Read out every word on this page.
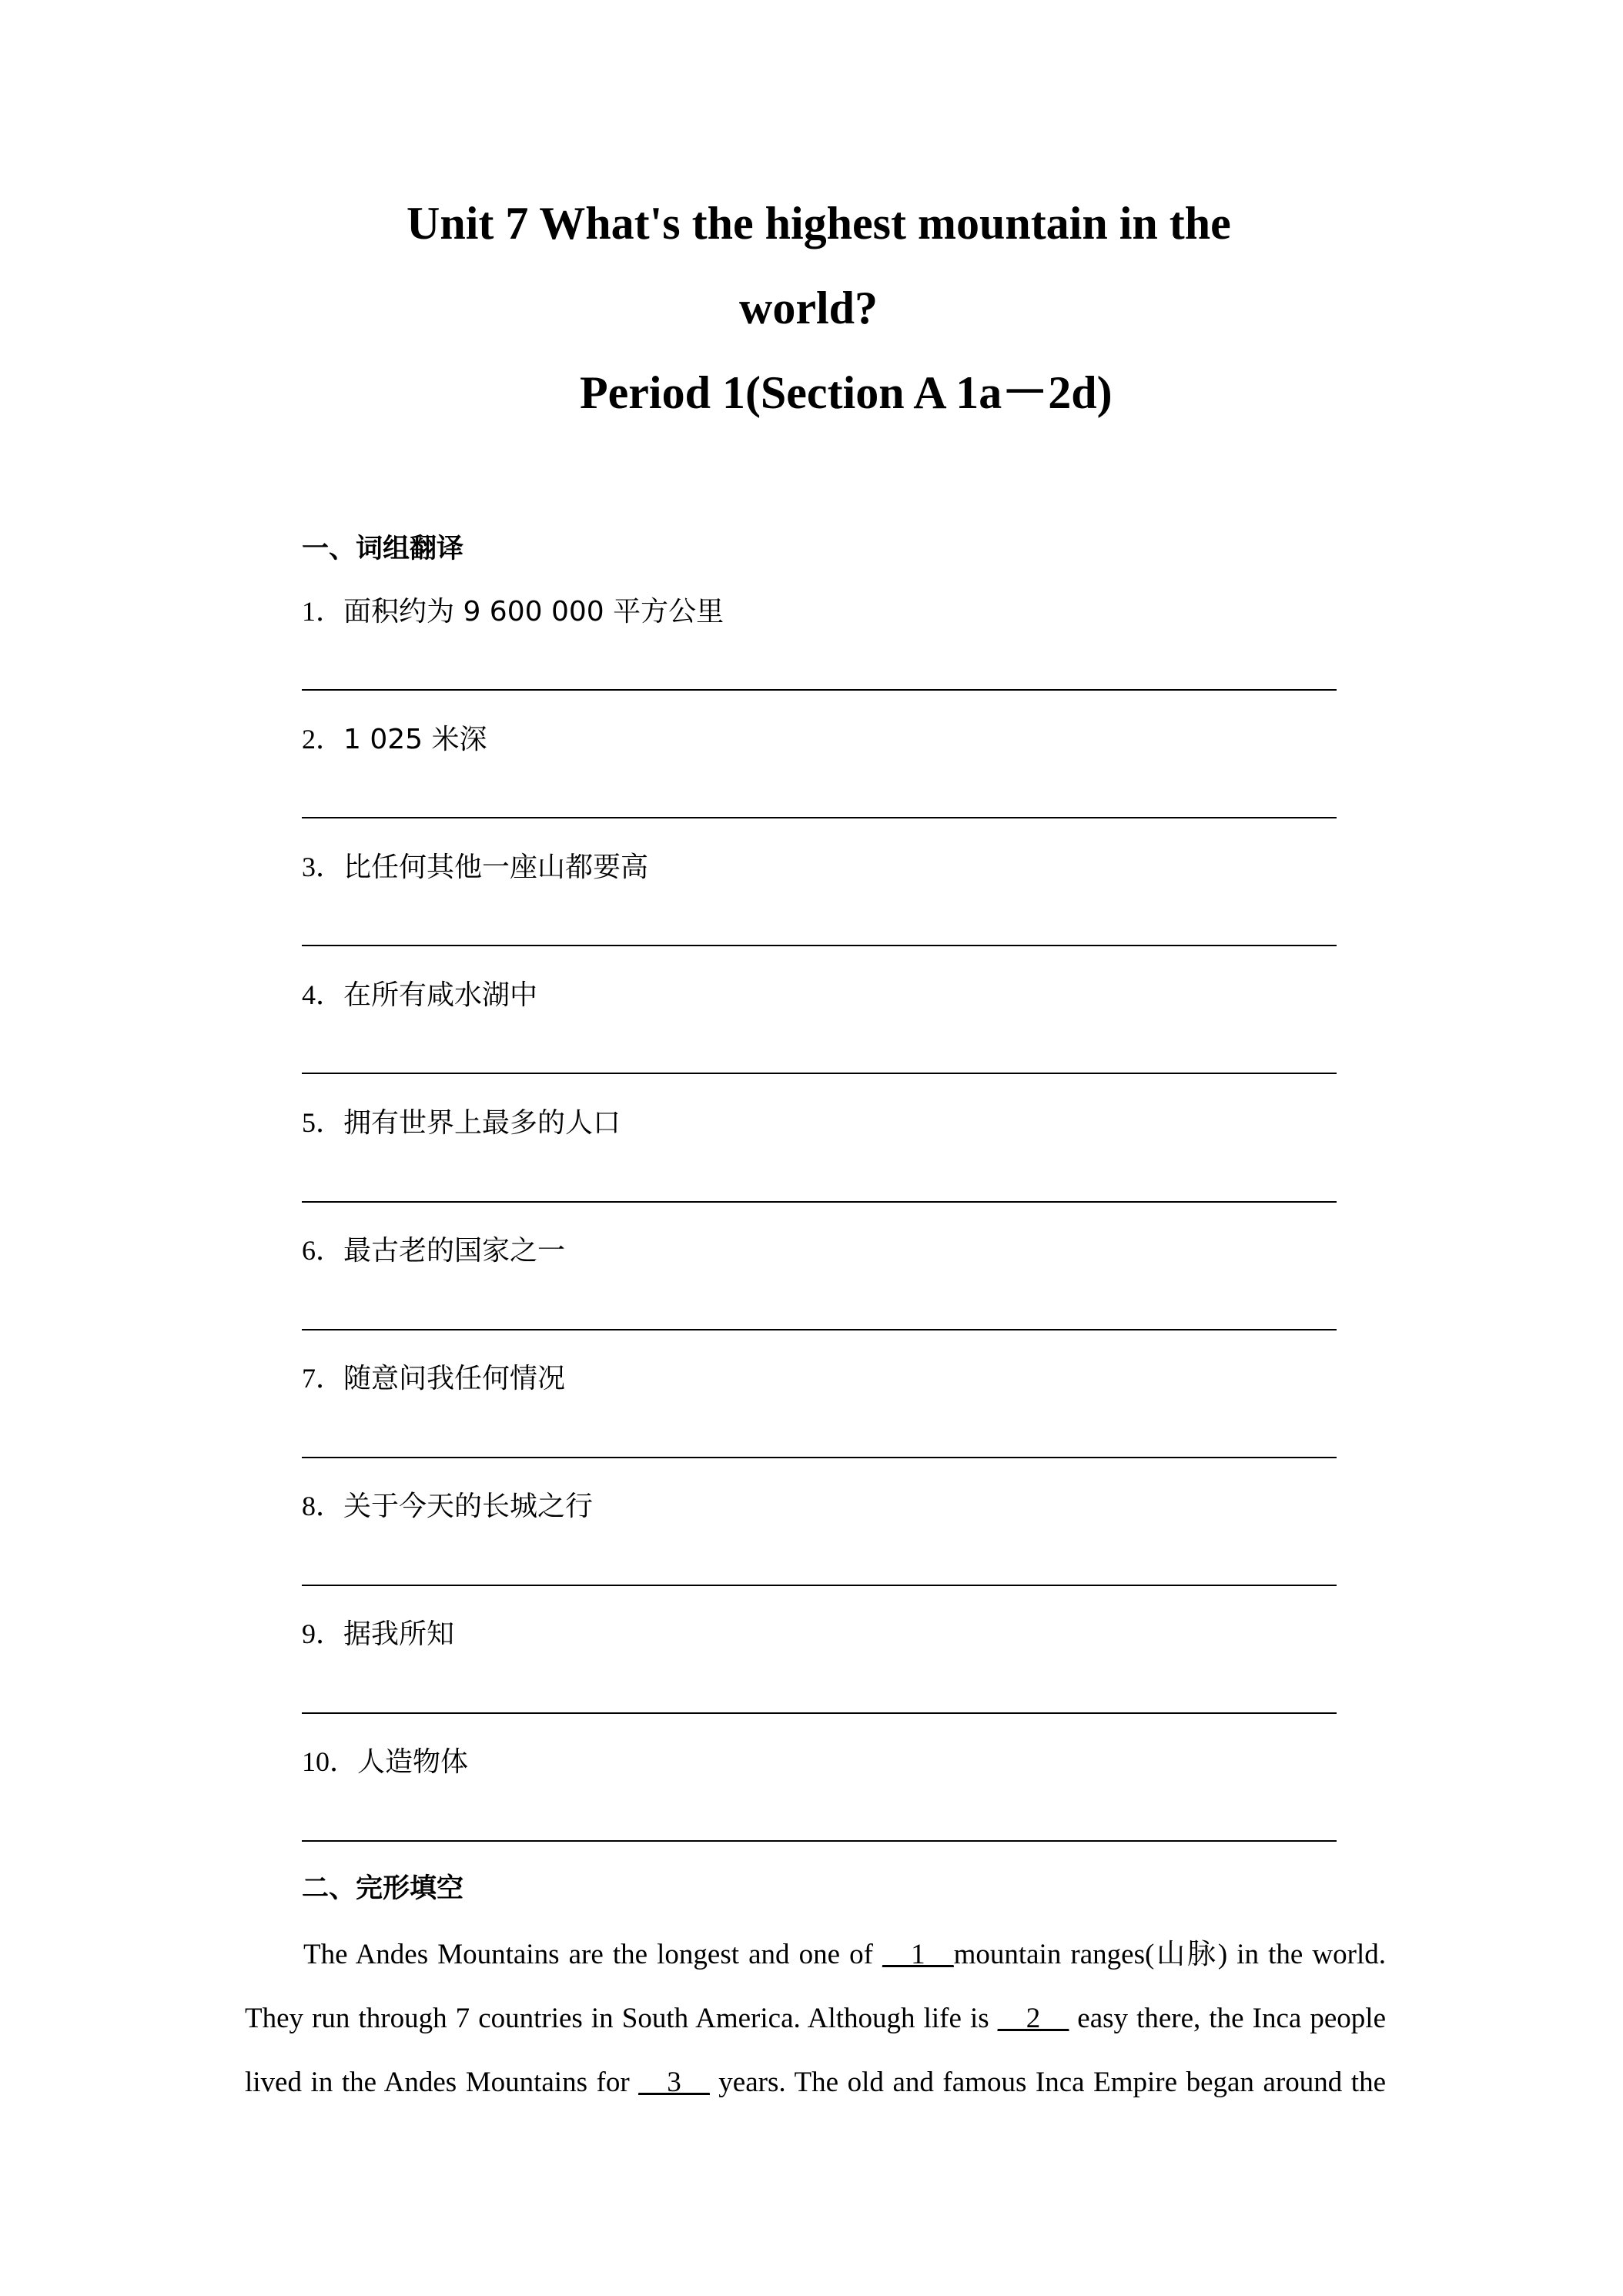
Unit 7 What's the highest mountain in the
world?
Period 1(Section A 1a－2d)
一、词组翻译
1．面积约为 9 600 000 平方公里
2．1 025 米深
3．比任何其他一座山都要高
4．在所有咸水湖中
5．拥有世界上最多的人口
6．最古老的国家之一
7．随意问我任何情况
8．关于今天的长城之行
9．据我所知
10．人造物体
二、完形填空
The Andes Mountains are the longest and one of __1__mountain ranges(山脉) in the world.
They run through 7 countries in South America. Although life is __2__ easy there, the Inca people
lived in the Andes Mountains for __3__ years. The old and famous Inca Empire began around the
